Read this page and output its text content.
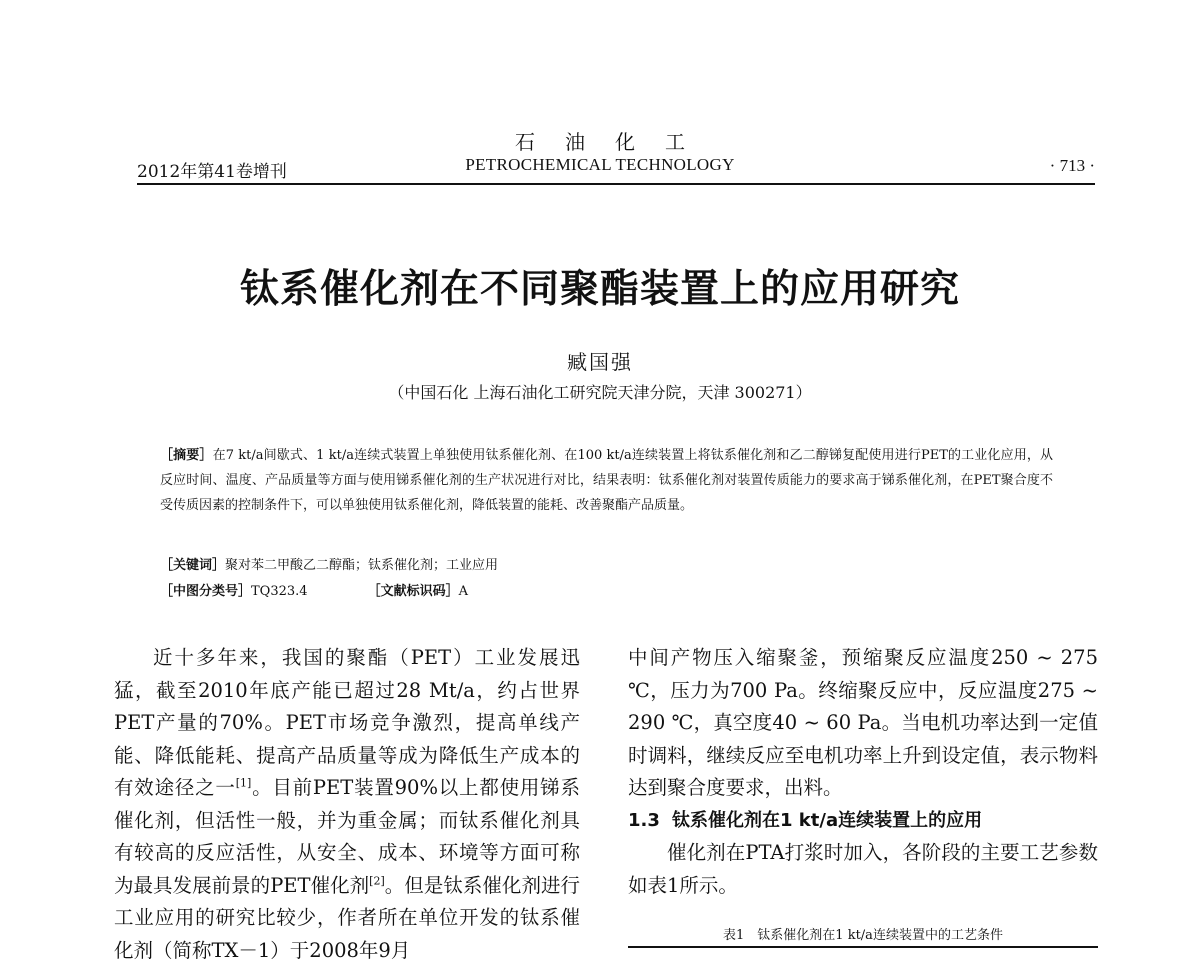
石油化工
2012年第41卷增刊	PETROCHEMICAL TECHNOLOGY	· 713 ·
钛系催化剂在不同聚酯装置上的应用研究
臧国强
（中国石化 上海石油化工研究院天津分院，天津 300271）
［摘要］在7 kt/a间歇式、1 kt/a连续式装置上单独使用钛系催化剂、在100 kt/a连续装置上将钛系催化剂和乙二醇锑复配使用进行PET的工业化应用，从反应时间、温度、产品质量等方面与使用锑系催化剂的生产状况进行对比，结果表明：钛系催化剂对装置传质能力的要求高于锑系催化剂，在PET聚合度不受传质因素的控制条件下，可以单独使用钛系催化剂，降低装置的能耗、改善聚酯产品质量。
［关键词］聚对苯二甲酸乙二醇酯；钛系催化剂；工业应用
［中图分类号］TQ323.4	［文献标识码］A

近十多年来，我国的聚酯（PET）工业发展迅猛，截至2010年底产能已超过28 Mt/a，约占世界PET产量的70%。PET市场竞争激烈，提高单线产能、降低能耗、提高产品质量等成为降低生产成本的有效途径之一[1]。目前PET装置90%以上都使用锑系催化剂，但活性一般，并为重金属；而钛系催化剂具有较高的反应活性，从安全、成本、环境等方面可称为最具发展前景的PET催化剂[2]。但是钛系催化剂进行工业应用的研究比较少，作者所在单位开发的钛系催化剂（简称TX－1）于2008年9月

中间产物压入缩聚釜，预缩聚反应温度250 ~ 275 ℃，压力为700 Pa。终缩聚反应中，反应温度275 ~ 290 ℃，真空度40 ~ 60 Pa。当电机功率达到一定值时调料，继续反应至电机功率上升到设定值，表示物料达到聚合度要求，出料。

1.3 钛系催化剂在1 kt/a连续装置上的应用

催化剂在PTA打浆时加入，各阶段的主要工艺参数如表1所示。

表1　钛系催化剂在1 kt/a连续装置中的工艺条件
